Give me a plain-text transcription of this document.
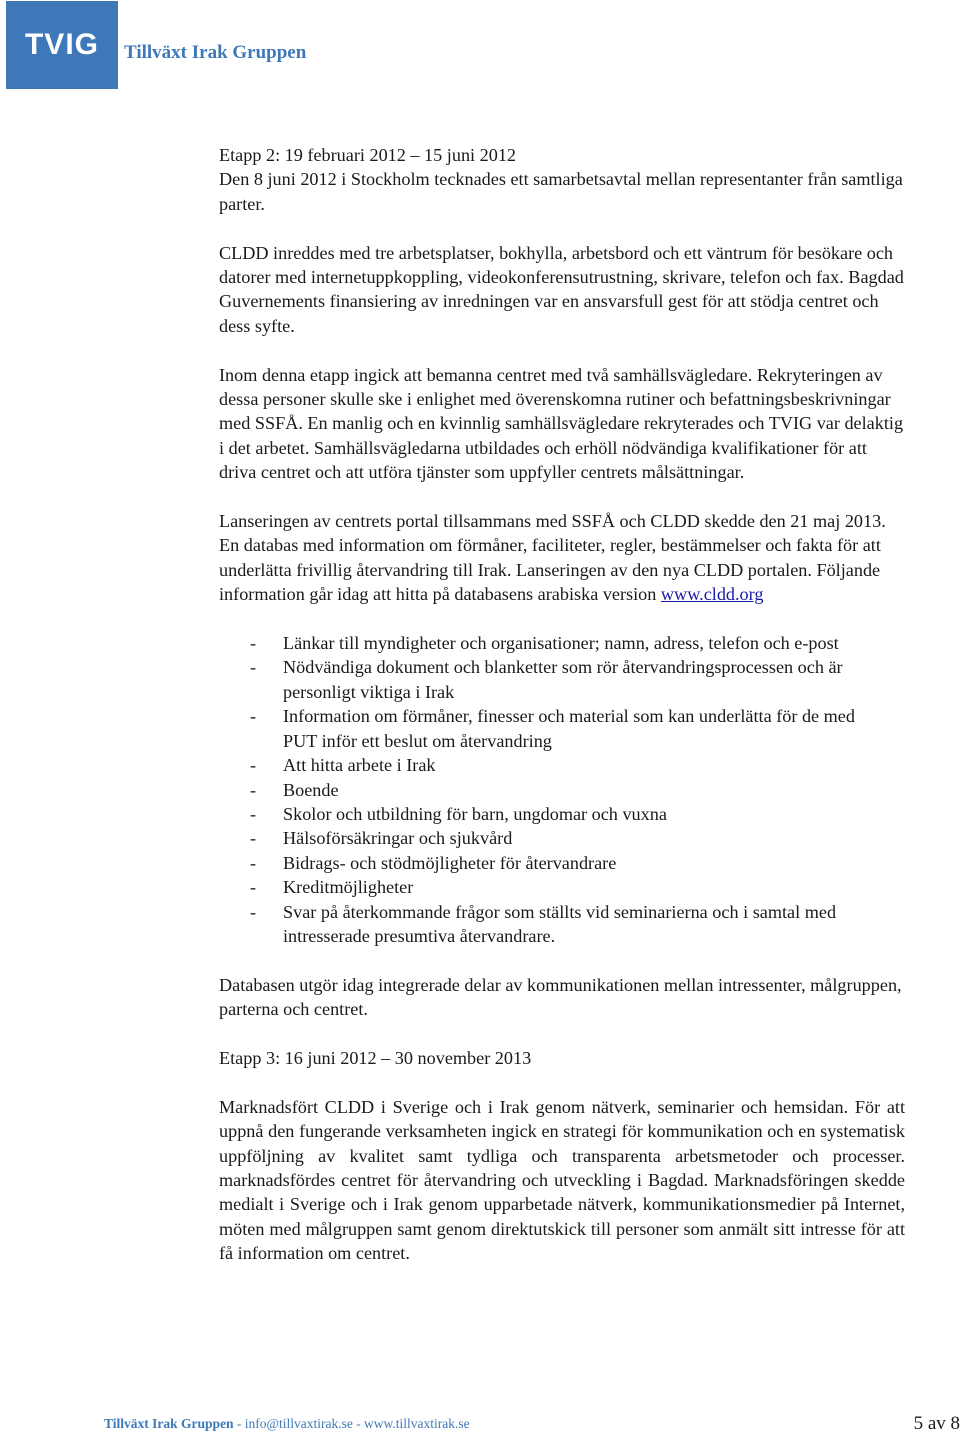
TVIG Tillväxt Irak Gruppen

Etapp 2: 19 februari 2012 – 15 juni 2012
Den 8 juni 2012 i Stockholm tecknades ett samarbetsavtal mellan representanter från samtliga parter.

CLDD inreddes med tre arbetsplatser, bokhylla, arbetsbord och ett väntrum för besökare och datorer med internetuppkoppling, videokonferensutrustning, skrivare, telefon och fax. Bagdad Guvernements finansiering av inredningen var en ansvarsfull gest för att stödja centret och dess syfte.

Inom denna etapp ingick att bemanna centret med två samhällsvägledare. Rekryteringen av dessa personer skulle ske i enlighet med överenskomna rutiner och befattningsbeskrivningar med SSFÅ. En manlig och en kvinnlig samhällsvägledare rekryterades och TVIG var delaktig i det arbetet. Samhällsvägledarna utbildades och erhöll nödvändiga kvalifikationer för att driva centret och att utföra tjänster som uppfyller centrets målsättningar.

Lanseringen av centrets portal tillsammans med SSFÅ och CLDD skedde den 21 maj 2013. En databas med information om förmåner, faciliteter, regler, bestämmelser och fakta för att underlätta frivillig återvandring till Irak. Lanseringen av den nya CLDD portalen. Följande information går idag att hitta på databasens arabiska version www.cldd.org

- Länkar till myndigheter och organisationer; namn, adress, telefon och e-post
- Nödvändiga dokument och blanketter som rör återvandringsprocessen och är personligt viktiga i Irak
- Information om förmåner, finesser och material som kan underlätta för de med PUT inför ett beslut om återvandring
- Att hitta arbete i Irak
- Boende
- Skolor och utbildning för barn, ungdomar och vuxna
- Hälsoförsäkringar och sjukvård
- Bidrags- och stödmöjligheter för återvandrare
- Kreditmöjligheter
- Svar på återkommande frågor som ställts vid seminarierna och i samtal med intresserade presumtiva återvandrare.

Databasen utgör idag integrerade delar av kommunikationen mellan intressenter, målgruppen, parterna och centret.

Etapp 3: 16 juni 2012 – 30 november 2013

Marknadsfört CLDD i Sverige och i Irak genom nätverk, seminarier och hemsidan. För att uppnå den fungerande verksamheten ingick en strategi för kommunikation och en systematisk uppföljning av kvalitet samt tydliga och transparenta arbetsmetoder och processer. marknadsfördes centret för återvandring och utveckling i Bagdad. Marknadsföringen skedde medialt i Sverige och i Irak genom upparbetade nätverk, kommunikationsmedier på Internet, möten med målgruppen samt genom direktutskick till personer som anmält sitt intresse för att få information om centret.

Tillväxt Irak Gruppen - info@tillvaxtirak.se - www.tillvaxtirak.se	5 av 8
